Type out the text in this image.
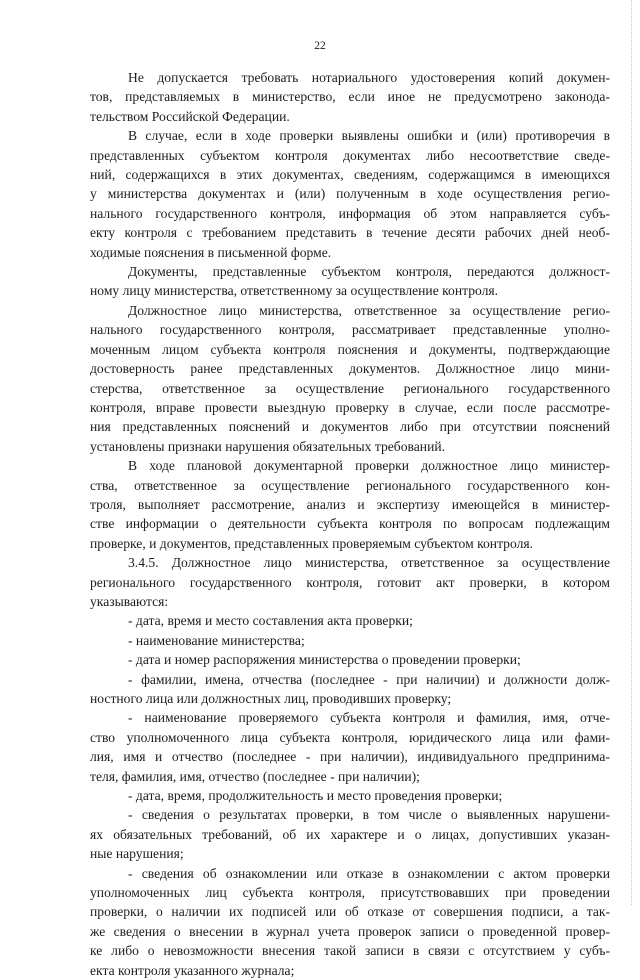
22
Не допускается требовать нотариального удостоверения копий докумен-
тов, представляемых в министерство, если иное не предусмотрено законода-
тельством Российской Федерации.
В случае, если в ходе проверки выявлены ошибки и (или) противоречия в
представленных субъектом контроля документах либо несоответствие сведе-
ний, содержащихся в этих документах, сведениям, содержащимся в имеющихся
у министерства документах и (или) полученным в ходе осуществления регио-
нального государственного контроля, информация об этом направляется субъ-
екту контроля с требованием представить в течение десяти рабочих дней необ-
ходимые пояснения в письменной форме.
Документы, представленные субъектом контроля, передаются должност-
ному лицу министерства, ответственному за осуществление контроля.
Должностное лицо министерства, ответственное за осуществление регио-
нального государственного контроля, рассматривает представленные уполно-
моченным лицом субъекта контроля пояснения и документы, подтверждающие
достоверность ранее представленных документов. Должностное лицо мини-
стерства, ответственное за осуществление регионального государственного
контроля, вправе провести выездную проверку в случае, если после рассмотре-
ния представленных пояснений и документов либо при отсутствии пояснений
установлены признаки нарушения обязательных требований.
В ходе плановой документарной проверки должностное лицо министер-
ства, ответственное за осуществление регионального государственного кон-
троля, выполняет рассмотрение, анализ и экспертизу имеющейся в министер-
стве информации о деятельности субъекта контроля по вопросам подлежащим
проверке, и документов, представленных проверяемым субъектом контроля.
3.4.5. Должностное лицо министерства, ответственное за осуществление
регионального государственного контроля, готовит акт проверки, в котором
указываются:
- дата, время и место составления акта проверки;
- наименование министерства;
- дата и номер распоряжения министерства о проведении проверки;
- фамилии, имена, отчества (последнее - при наличии) и должности долж-
ностного лица или должностных лиц, проводивших проверку;
- наименование проверяемого субъекта контроля и фамилия, имя, отче-
ство уполномоченного лица субъекта контроля, юридического лица или фами-
лия, имя и отчество (последнее - при наличии), индивидуального предпринима-
теля, фамилия, имя, отчество (последнее - при наличии);
- дата, время, продолжительность и место проведения проверки;
- сведения о результатах проверки, в том числе о выявленных нарушени-
ях обязательных требований, об их характере и о лицах, допустивших указан-
ные нарушения;
- сведения об ознакомлении или отказе в ознакомлении с актом проверки
уполномоченных лиц субъекта контроля, присутствовавших при проведении
проверки, о наличии их подписей или об отказе от совершения подписи, а так-
же сведения о внесении в журнал учета проверок записи о проведенной провер-
ке либо о невозможности внесения такой записи в связи с отсутствием у субъ-
екта контроля указанного журнала;
